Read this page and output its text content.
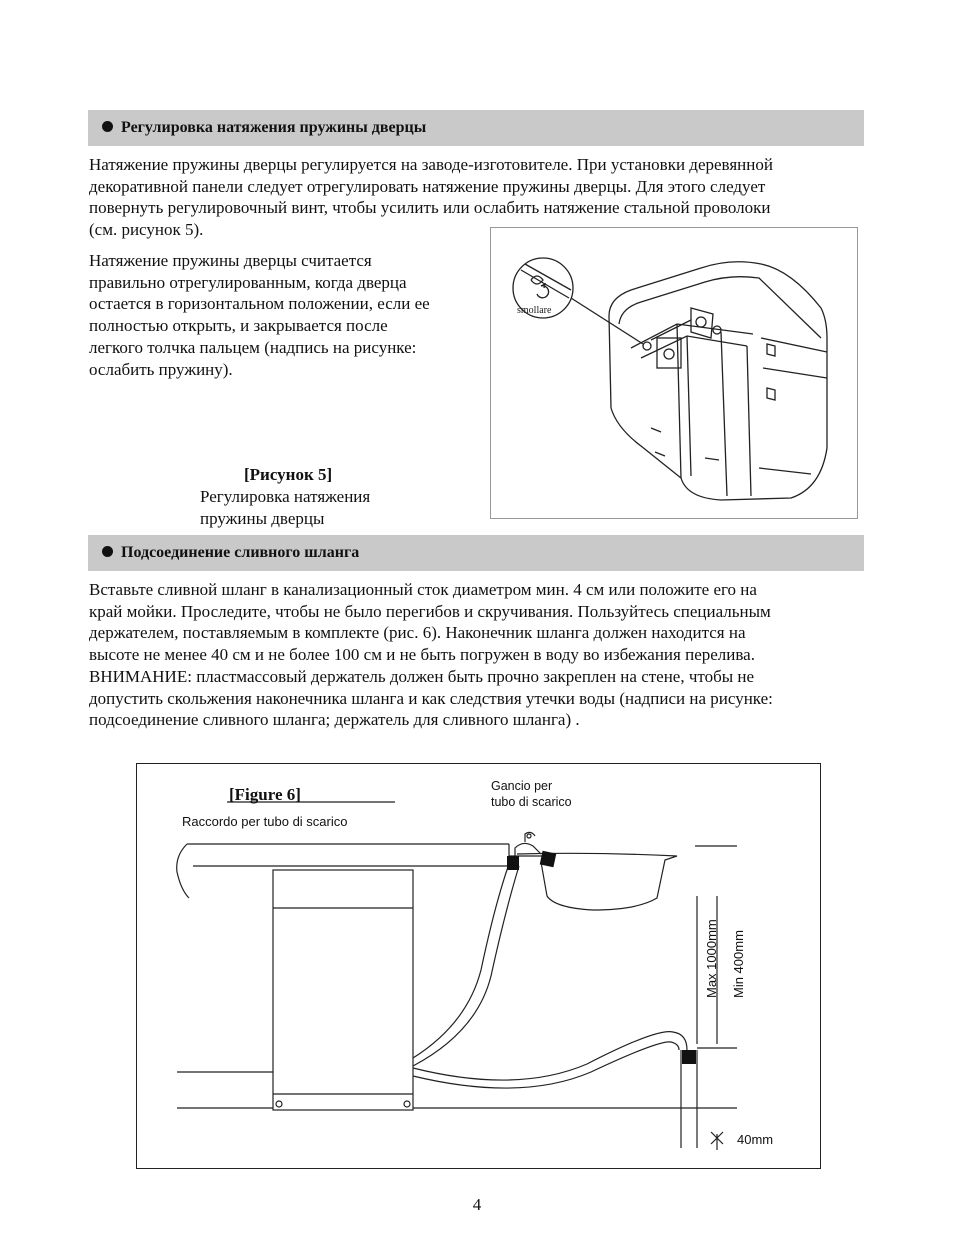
Регулировка натяжения пружины дверцы
Натяжение пружины дверцы регулируется на заводе-изготовителе. При установки деревянной
декоративной панели следует отрегулировать натяжение пружины дверцы. Для этого следует
повернуть регулировочный винт, чтобы усилить или ослабить натяжение стальной проволоки
(см. рисунок 5).
Натяжение пружины дверцы считается
правильно отрегулированным, когда дверца
остается в горизонтальном положении, если ее
полностью открыть, и закрывается после
легкого толчка пальцем (надпись на рисунке:
ослабить пружину).
[Рисунок 5]
Регулировка натяжения
пружины дверцы
smollare
Подсоединение сливного шланга
Вставьте сливной шланг в канализационный сток диаметром мин. 4 см или положите его на
край мойки. Проследите, чтобы не было перегибов и скручивания. Пользуйтесь специальным
держателем, поставляемым в комплекте (рис. 6). Наконечник шланга должен находится на
высоте не менее 40 см и не более 100 см и не быть погружен в воду во избежания перелива.
ВНИМАНИЕ: пластмассовый держатель должен быть прочно закреплен на стене, чтобы не
допустить скольжения наконечника шланга и как следствия утечки воды (надписи на рисунке:
подсоединение сливного шланга; держатель для сливного шланга) .
[Figure 6]
Raccordo per tubo di scarico
Gancio per
tubo di scarico
Max 1000mm Min 400mm
40mm
4
